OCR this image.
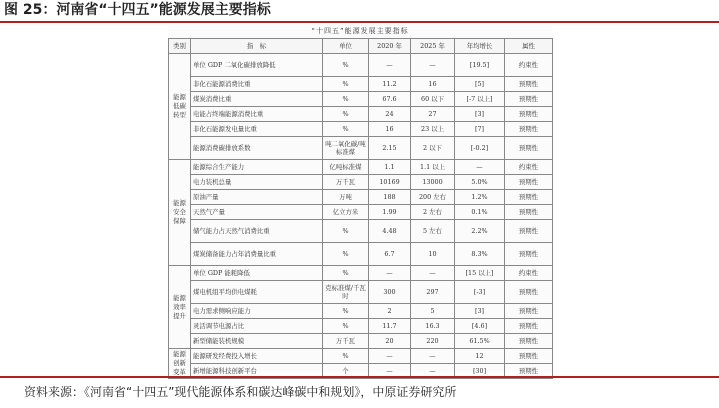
图 25：河南省“十四五”能源发展主要指标
“十四五”能源发展主要指标
类别	指　标	单位	2020 年	2025 年	年均增长	属性
能源低碳转型	单位 GDP 二氧化碳排放降低	%	—	—	[19.5]	约束性
	非化石能源消费比重	%	11.2	16	[5]	预期性
	煤炭消费比重	%	67.6	60 以下	[-7 以上]	预期性
	电能占终端能源消费比重	%	24	27	[3]	预期性
	非化石能源发电量比重	%	16	23 以上	[7]	预期性
	能源消费碳排放系数	吨二氧化碳/吨标准煤	2.15	2 以下	[-0.2]	预期性
能源安全保障	能源综合生产能力	亿吨标准煤	1.1	1.1 以上	—	约束性
	电力装机总量	万千瓦	10169	13000	5.0%	预期性
	原油产量	万吨	188	200 左右	1.2%	预期性
	天然气产量	亿立方米	1.99	2 左右	0.1%	预期性
	储气能力占天然气消费比重	%	4.48	5 左右	2.2%	预期性
	煤炭储备能力占年消费量比重	%	6.7	10	8.3%	预期性
能源效率提升	单位 GDP 能耗降低	%	—	—	[15 以上]	约束性
	煤电机组平均供电煤耗	克标准煤/千瓦时	300	297	[-3]	预期性
	电力需求侧响应能力	%	2	5	[3]	预期性
	灵活调节电源占比	%	11.7	16.3	[4.6]	预期性
	新型储能装机规模	万千瓦	20	220	61.5%	预期性
能源创新变革	能源研发经费投入增长	%	—	—	12	预期性
	新增能源科技创新平台	个	—	—	[30]	预期性
资料来源：《河南省“十四五”现代能源体系和碳达峰碳中和规划》，中原证券研究所
